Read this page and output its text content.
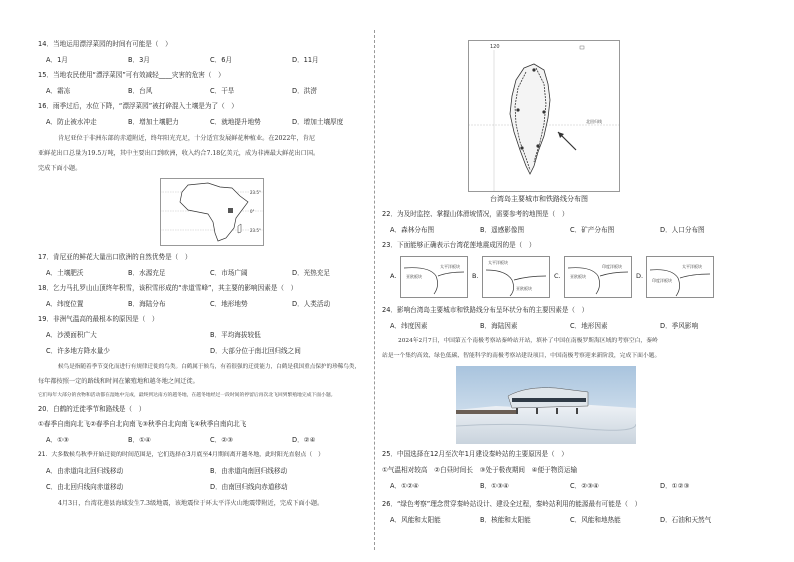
14．当地运用漂浮菜园的时间有可能是（　）
A．1月	B．3月	C．6月	D．11月
15．当地农民使用“漂浮菜园”可有效减轻____灾害的危害（　）
A．霜冻	B．台风	C．干旱	D．洪涝
16．雨季过后，水位下降，“漂浮菜园”被打碎混入土壤是为了（　）
A．防止被水冲走	B．增加土壤肥力	C．就地提升地势	D．增加土壤厚度
肯尼亚位于非洲东部的赤道附近，终年阳光充足，十分适宜发展鲜花种植业。在2022年，肯尼
亚鲜花出口总量为19.5万吨，其中主要出口到欧洲，收入约合7.18亿美元，成为非洲最大鲜花出口国。
完成下面小题。
23.5°
0°
23.5°
17．肯尼亚的鲜花大量出口欧洲的自然优势是（　）
A．土壤肥沃	B．水源充足	C．市场广阔	D．光热充足
18．乞力马扎罗山山顶终年积雪，该积雪形成的“赤道雪峰”，其主要的影响因素是（　）
A．纬度位置	B．海陆分布	C．地形地势	D．人类活动
19．非洲气温高的最根本的原因是（　）
A．沙漠面积广大	B．平均海拔较低
C．许多地方降水量少	D．大部分位于南北回归线之间
候鸟是指随着季节变化而进行有规律迁徙的鸟类。白鹤属于候鸟，有着很强的迁徙能力，白鹤是我国重点保护的珍稀鸟类，
每年都按照一定的路线和时间在繁殖地和越冬地之间迁徙。
它们每年大部分的食物和活动都在湿地中完成，最终到达南方的越冬地，在越冬地经过一段时间的停留后再次北飞回到繁殖地完成下面小题。
20．白鹤的迁徙季节和路线是（　）
①春季自南向北飞②春季自北向南飞③秋季自北向南飞④秋季自南向北飞
A．①③	B．①④	C．②③	D．②④
21．大多数候鸟秋季开始迁徙的时间范围是，它们选择在3月底至4月期间离开越冬地，此时阳光直射点（　）
A．由赤道向北回归线移动	B．由赤道向南回归线移动
C．由北回归线向赤道移动	D．由南回归线向赤道移动
4月3日，台湾花莲县海域发生7.3级地震，该地震位于环太平洋火山地震带附近，完成下面小题。
120
北回归线
台湾岛主要城市和铁路线分布图
22．为及时监控、掌握山体滑坡情况，需要参考的地图是（　）
A．森林分布图	B．遥感影像图	C．矿产分布图	D．人口分布图
23．下面能够正确表示台湾花莲地震成因的是（　）
A. 亚欧板块
太平洋板块
B.
太平洋板块
亚欧板块
C. 亚欧板块
印度洋板块
D.
印度洋板块
太平洋板块
24．影响台湾岛主要城市和铁路线分布呈环状分布的主要因素是（　）
A．纬度因素	B．海陆因素	C．地形因素	D．季风影响
2024年2月7日，中国第五个南极考察站秦岭站开站，填补了中国在南极罗斯海区域的考察空白，秦岭
站是一个集约高效、绿色低碳、智能科学的南极考察站建设项目，中国南极考察迎来新阶段，完成下面小题。
25．中国选择在12月至次年1月建设秦岭站的主要原因是（　）
①气温相对较高　②白昼时间长　③处于极夜期间　④便于物资运输
A．①②④	B．①③④	C．②③④	D．①②③
26．“绿色考察”理念贯穿秦岭站设计、建设全过程，秦岭站利用的能源最有可能是（　）
A．风能和太阳能	B．核能和太阳能	C．风能和地热能	D．石油和天然气
